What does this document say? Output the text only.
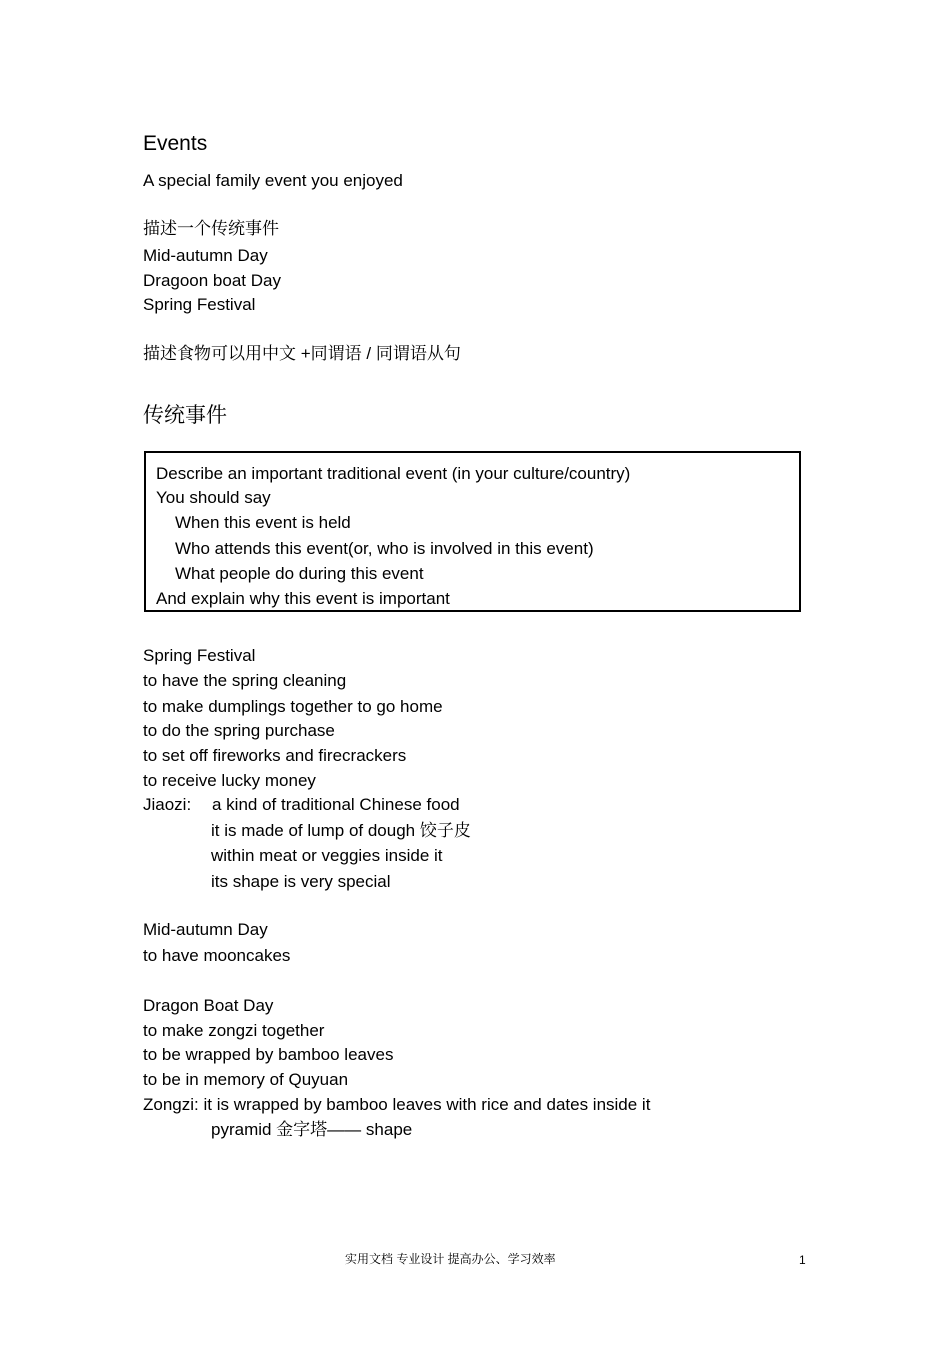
Events
A special family event you enjoyed
描述一个传统事件
Mid-autumn Day
Dragoon boat Day
Spring Festival
描述食物可以用中文 +同谓语 / 同谓语从句
传统事件
Describe an important traditional event (in your culture/country)
You should say
When this event is held
Who attends this event(or, who is involved in this event)
What people do during this event
And explain why this event is important
Spring Festival
to have the spring cleaning
to make dumplings together to go home
to do the spring purchase
to set off fireworks and firecrackers
to receive lucky money
Jiaozi: a kind of traditional Chinese food
it is made of lump of dough 饺子皮
within meat or veggies inside it
its shape is very special
Mid-autumn Day
to have mooncakes
Dragon Boat Day
to make zongzi together
to be wrapped by bamboo leaves
to be in memory of Quyuan
Zongzi: it is wrapped by bamboo leaves with rice and dates inside it
pyramid 金字塔—— shape
实用文档 专业设计 提高办公、学习效率	1
